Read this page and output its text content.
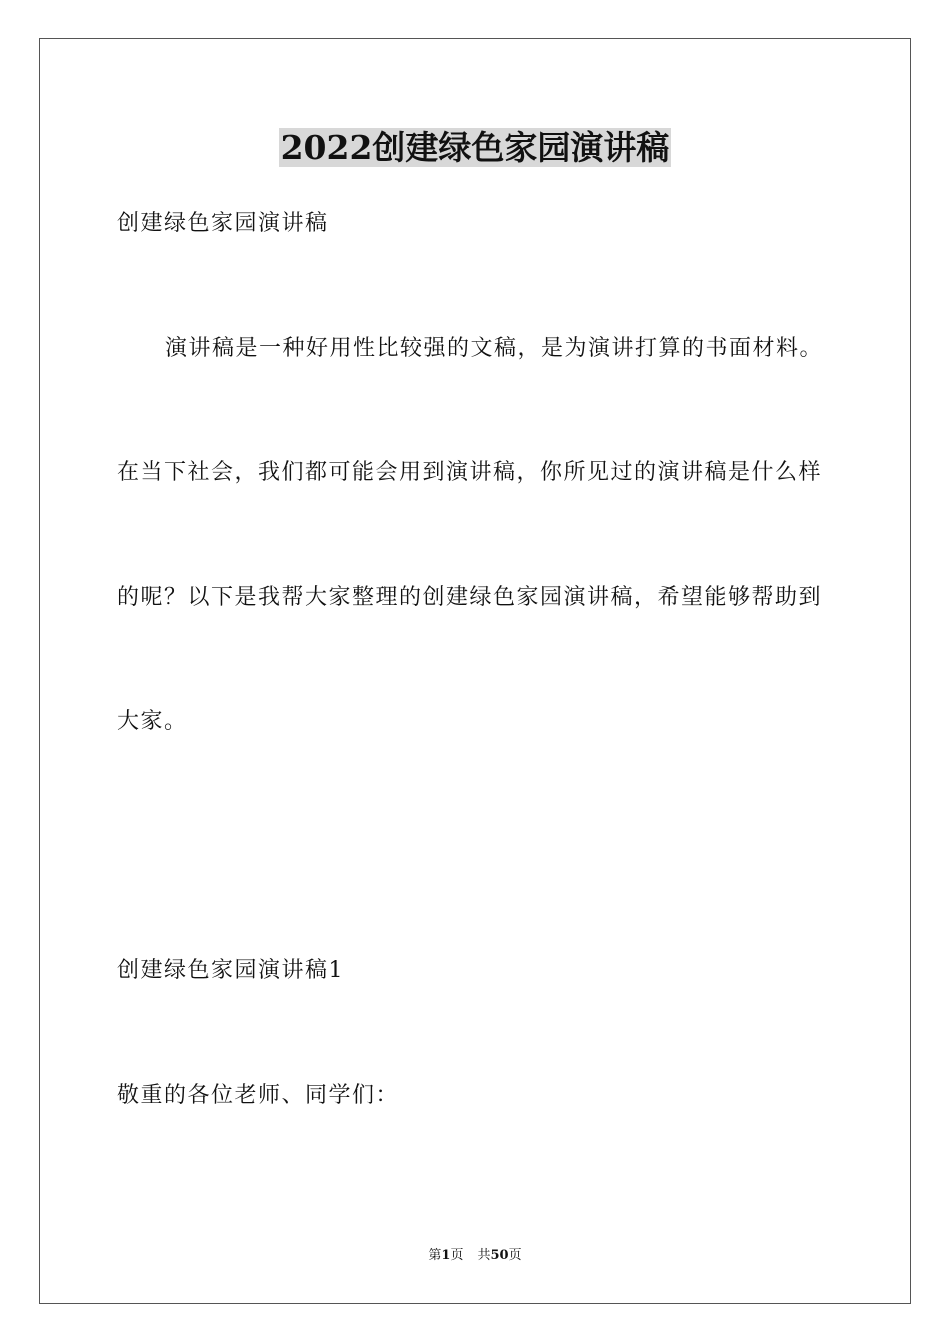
2022创建绿色家园演讲稿
创建绿色家园演讲稿
演讲稿是一种好用性比较强的文稿，是为演讲打算的书面材料。
在当下社会，我们都可能会用到演讲稿，你所见过的演讲稿是什么样
的呢？以下是我帮大家整理的创建绿色家园演讲稿，希望能够帮助到
大家。
创建绿色家园演讲稿1
敬重的各位老师、同学们：
第1页 共50页
